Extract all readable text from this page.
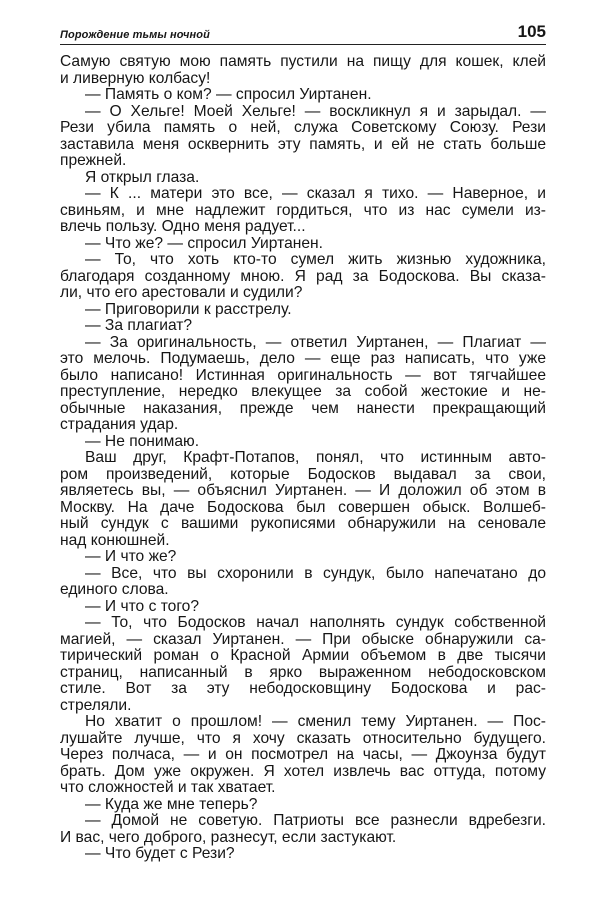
Порождение тьмы ночной	105
Самую святую мою память пустили на пищу для кошек, клей
и ливерную колбасу!
— Память о ком? — спросил Уиртанен.
— О Хельге! Моей Хельге! — воскликнул я и зарыдал. —
Рези убила память о ней, служа Советскому Союзу. Рези
заставила меня осквернить эту память, и ей не стать больше
прежней.
Я открыл глаза.
— К ... матери это все, — сказал я тихо. — Наверное, и
свиньям, и мне надлежит гордиться, что из нас сумели из-
влечь пользу. Одно меня радует...
— Что же? — спросил Уиртанен.
— То, что хоть кто-то сумел жить жизнью художника,
благодаря созданному мною. Я рад за Бодоскова. Вы сказа-
ли, что его арестовали и судили?
— Приговорили к расстрелу.
— За плагиат?
— За оригинальность, — ответил Уиртанен, — Плагиат —
это мелочь. Подумаешь, дело — еще раз написать, что уже
было написано! Истинная оригинальность — вот тягчайшее
преступление, нередко влекущее за собой жестокие и не-
обычные наказания, прежде чем нанести прекращающий
страдания удар.
— Не понимаю.
Ваш друг, Крафт-Потапов, понял, что истинным авто-
ром произведений, которые Бодосков выдавал за свои,
являетесь вы, — объяснил Уиртанен. — И доложил об этом в
Москву. На даче Бодоскова был совершен обыск. Волшеб-
ный сундук с вашими рукописями обнаружили на сеновале
над конюшней.
— И что же?
— Все, что вы схоронили в сундук, было напечатано до
единого слова.
— И что с того?
— То, что Бодосков начал наполнять сундук собственной
магией, — сказал Уиртанен. — При обыске обнаружили са-
тирический роман о Красной Армии объемом в две тысячи
страниц, написанный в ярко выраженном небодосковском
стиле. Вот за эту небодосковщину Бодоскова и рас-
стреляли.
Но хватит о прошлом! — сменил тему Уиртанен. — Пос-
лушайте лучше, что я хочу сказать относительно будущего.
Через полчаса, — и он посмотрел на часы, — Джоунза будут
брать. Дом уже окружен. Я хотел извлечь вас оттуда, потому
что сложностей и так хватает.
— Куда же мне теперь?
— Домой не советую. Патриоты все разнесли вдребезги.
И вас, чего доброго, разнесут, если застукают.
— Что будет с Рези?
